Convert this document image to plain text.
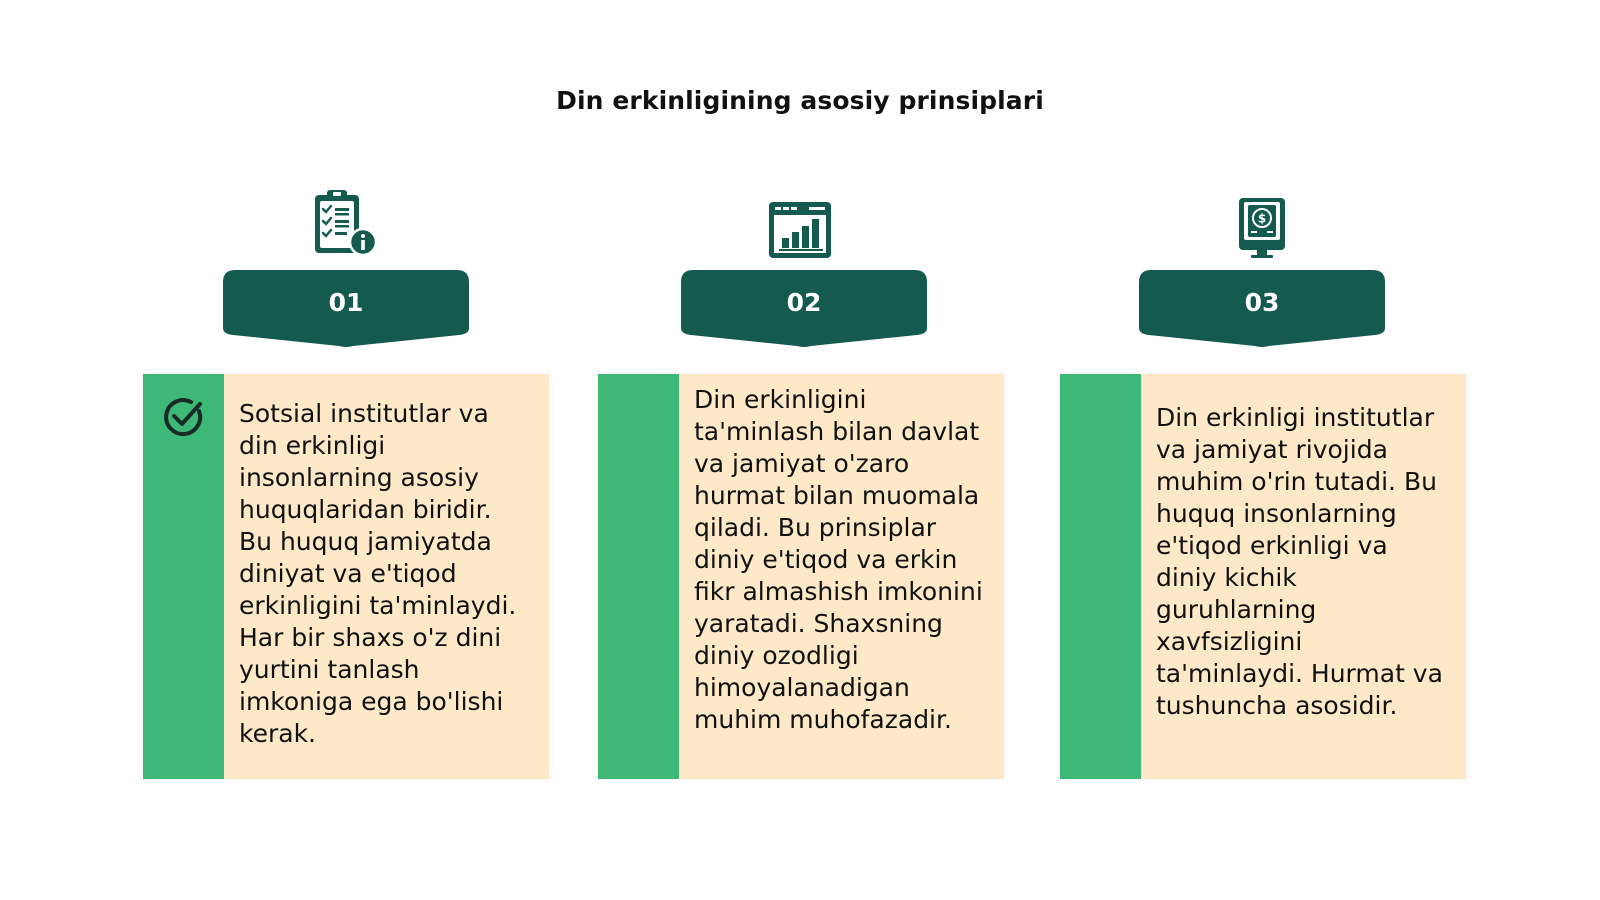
Din erkinligining asosiy prinsiplari
01
Sotsial institutlar va din erkinligi insonlarning asosiy huquqlaridan biridir. Bu huquq jamiyatda diniyat va e'tiqod erkinligini ta'minlaydi. Har bir shaxs o'z dini yurtini tanlash imkoniga ega bo'lishi kerak.
02
Din erkinligini ta'minlash bilan davlat va jamiyat o'zaro hurmat bilan muomala qiladi. Bu prinsiplar diniy e'tiqod va erkin fikr almashish imkonini yaratadi. Shaxsning diniy ozodligi himoyalanadigan muhim muhofazadir.
$
03
Din erkinligi institutlar va jamiyat rivojida muhim o'rin tutadi. Bu huquq insonlarning e'tiqod erkinligi va diniy kichik guruhlarning xavfsizligini ta'minlaydi. Hurmat va tushuncha asosidir.
